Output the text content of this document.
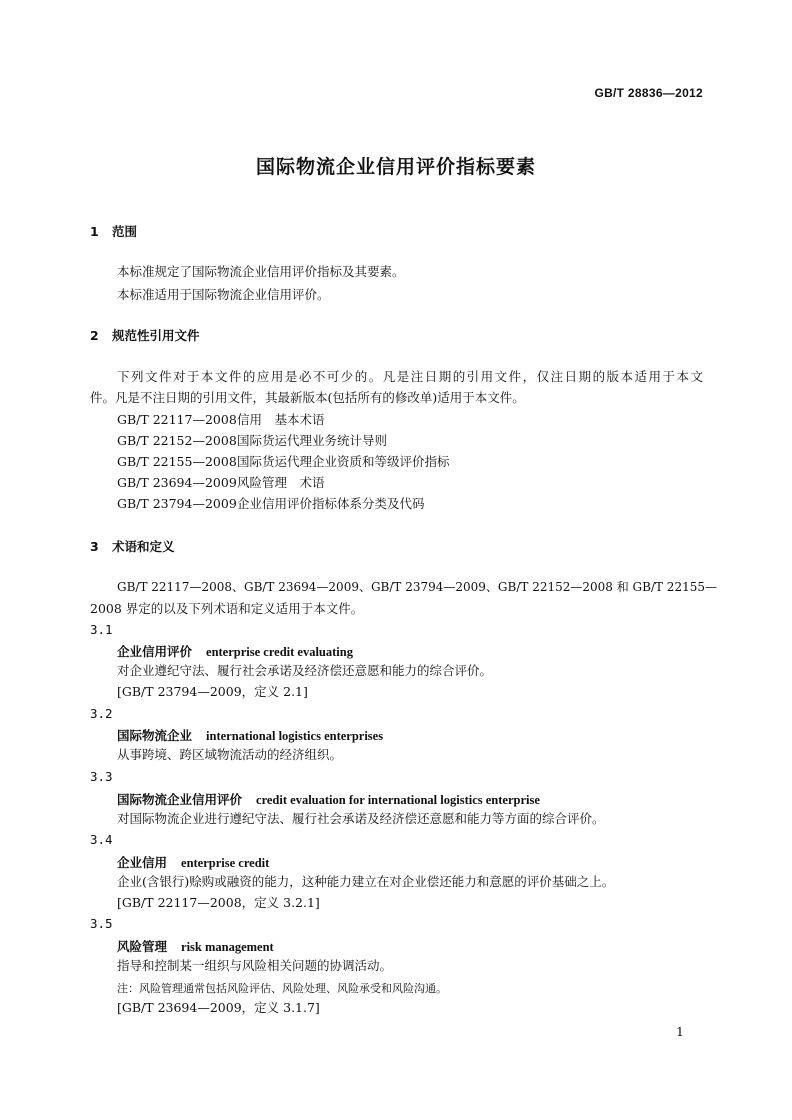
GB/T 28836—2012
国际物流企业信用评价指标要素
1 范围
本标准规定了国际物流企业信用评价指标及其要素。
本标准适用于国际物流企业信用评价。
2 规范性引用文件
下列文件对于本文件的应用是必不可少的。凡是注日期的引用文件，仅注日期的版本适用于本文
件。凡是不注日期的引用文件，其最新版本(包括所有的修改单)适用于本文件。
GB/T 22117—2008信用　基本术语
GB/T 22152—2008国际货运代理业务统计导则
GB/T 22155—2008国际货运代理企业资质和等级评价指标
GB/T 23694—2009风险管理　术语
GB/T 23794—2009企业信用评价指标体系分类及代码
3 术语和定义
GB/T 22117—2008、GB/T 23694—2009、GB/T 23794—2009、GB/T 22152—2008 和 GB/T 22155—
2008 界定的以及下列术语和定义适用于本文件。
3.1
企业信用评价 enterprise credit evaluating
对企业遵纪守法、履行社会承诺及经济偿还意愿和能力的综合评价。
[GB/T 23794—2009，定义 2.1]
3.2
国际物流企业 international logistics enterprises
从事跨境、跨区域物流活动的经济组织。
3.3
国际物流企业信用评价 credit evaluation for international logistics enterprise
对国际物流企业进行遵纪守法、履行社会承诺及经济偿还意愿和能力等方面的综合评价。
3.4
企业信用 enterprise credit
企业(含银行)赊购或融资的能力，这种能力建立在对企业偿还能力和意愿的评价基础之上。
[GB/T 22117—2008，定义 3.2.1]
3.5
风险管理 risk management
指导和控制某一组织与风险相关问题的协调活动。
注：风险管理通常包括风险评估、风险处理、风险承受和风险沟通。
[GB/T 23694—2009，定义 3.1.7]
1
